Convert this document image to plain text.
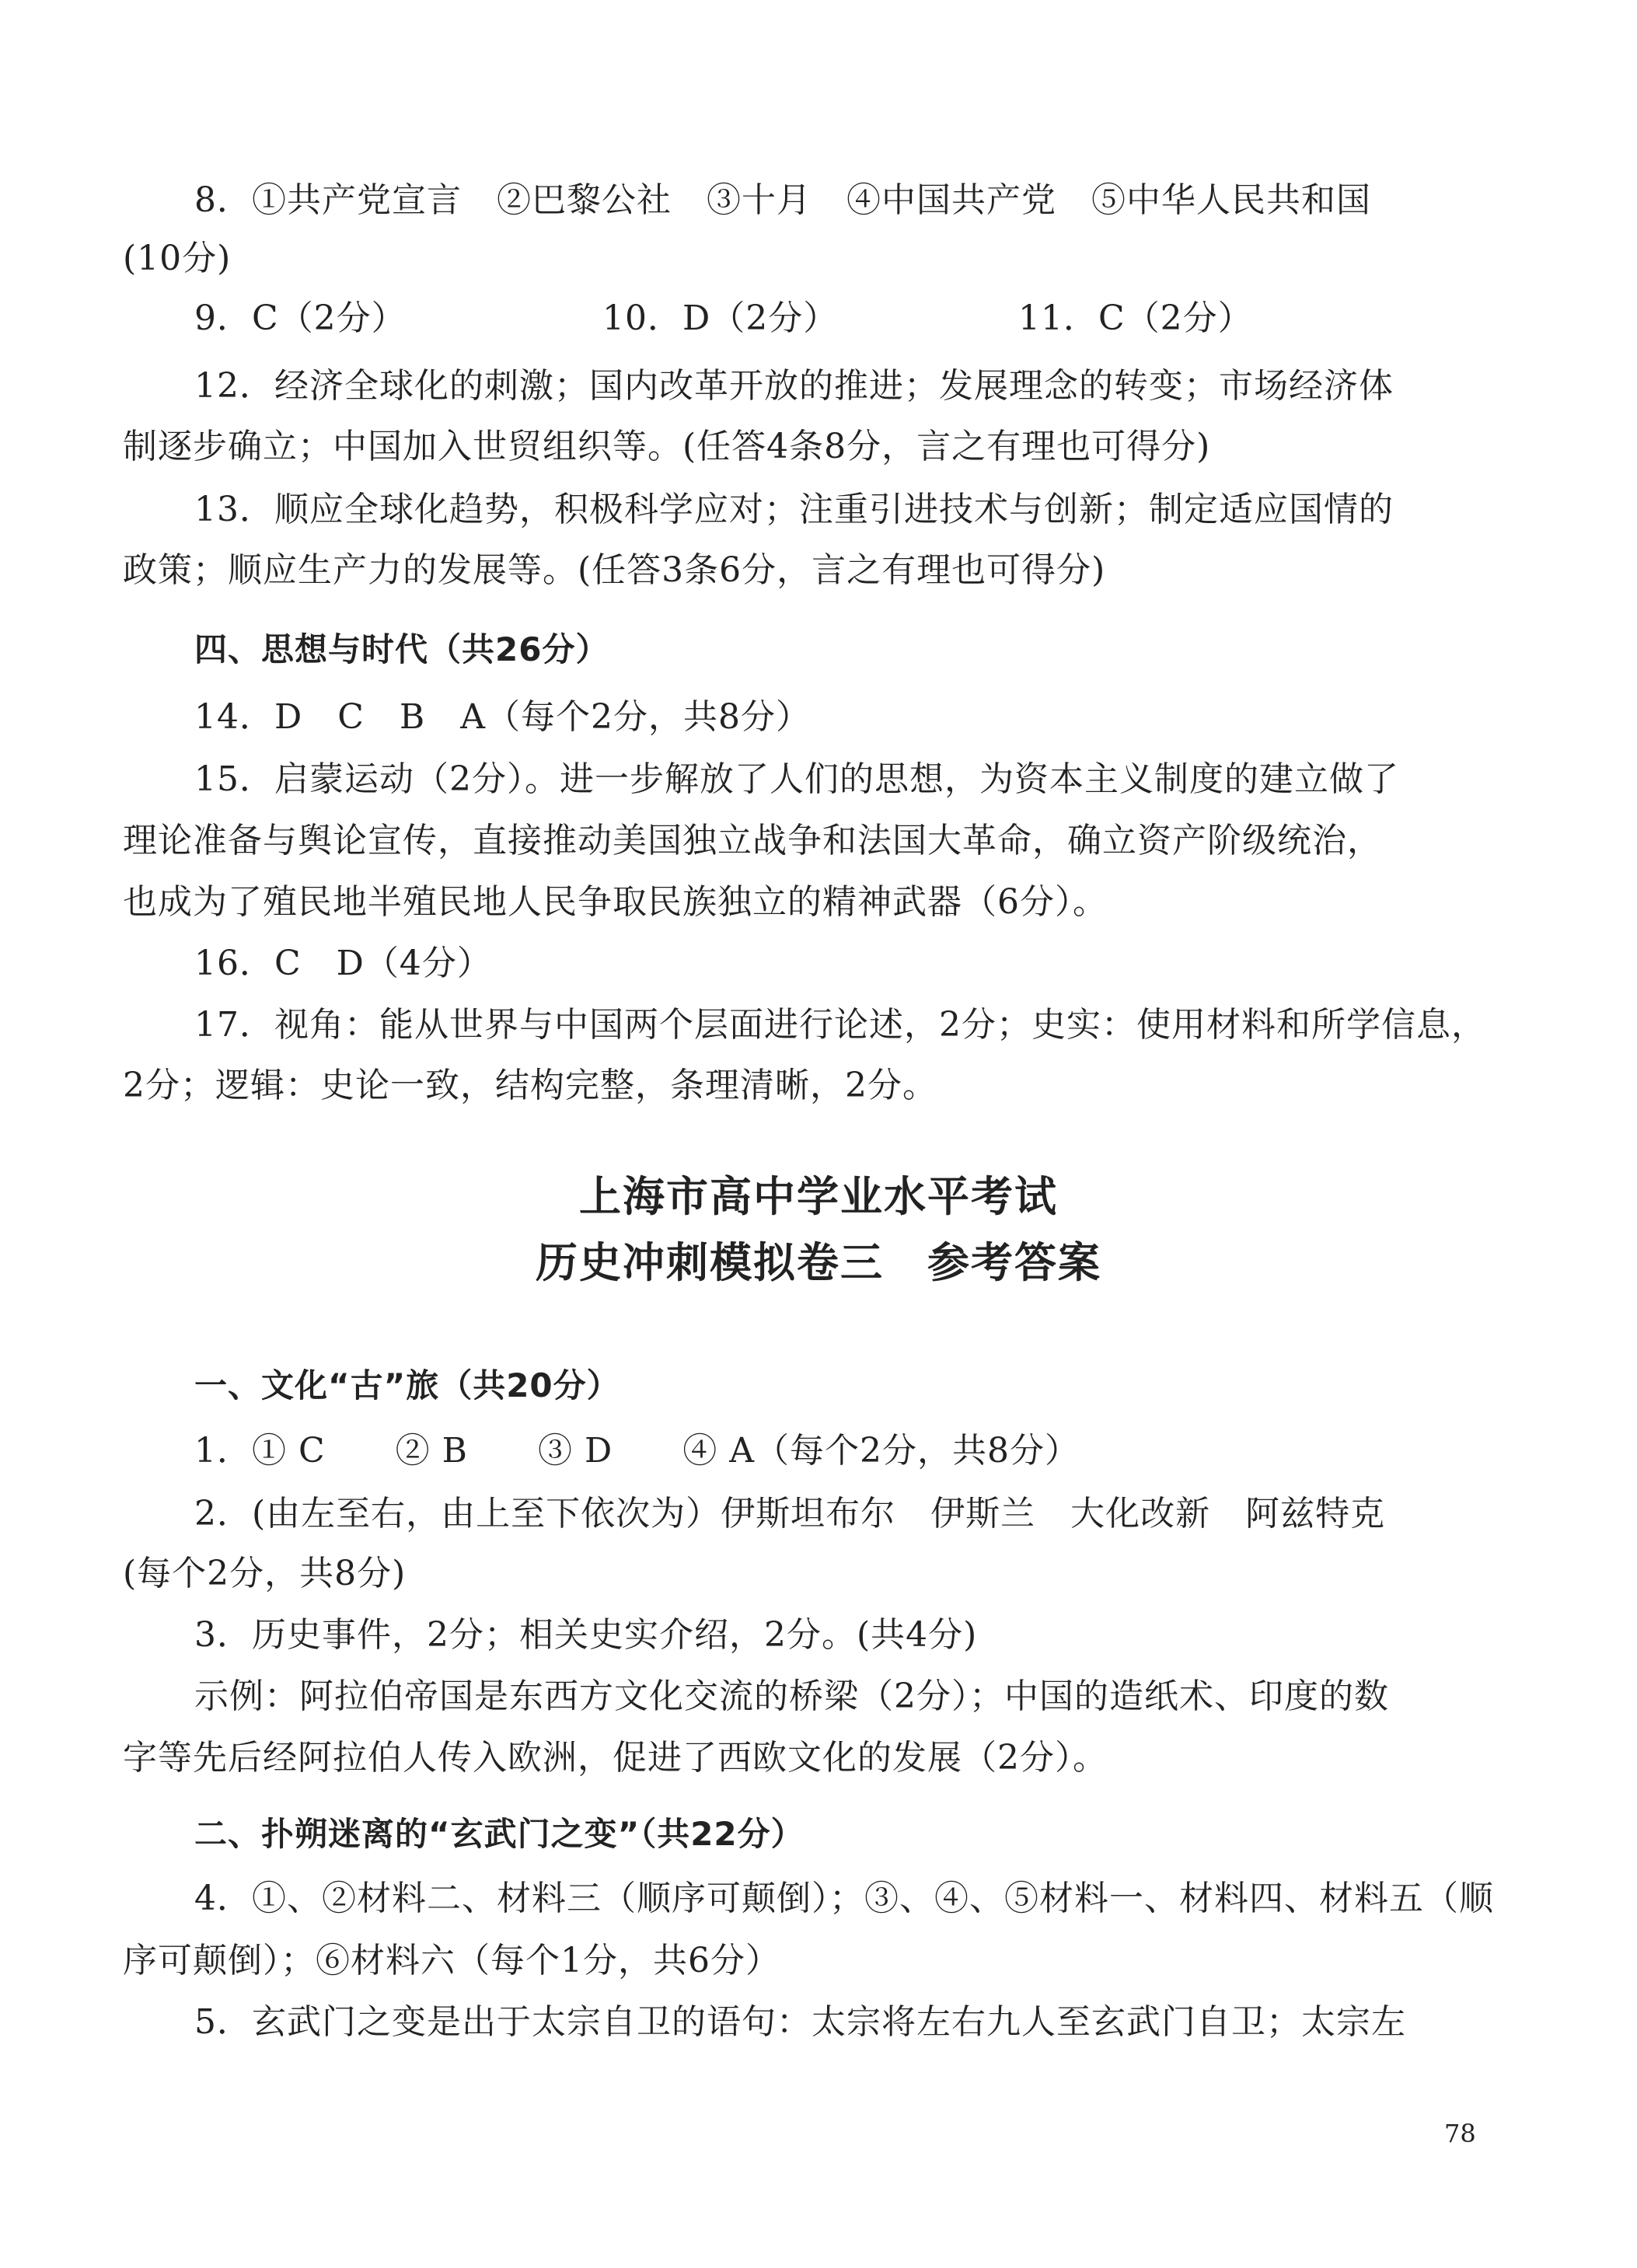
8．①共产党宣言　②巴黎公社　③十月　④中国共产党　⑤中华人民共和国
(10分)
9．C（2分）	10．D（2分）	11．C（2分）
12．经济全球化的刺激；国内改革开放的推进；发展理念的转变；市场经济体
制逐步确立；中国加入世贸组织等。(任答4条8分，言之有理也可得分)
13．顺应全球化趋势，积极科学应对；注重引进技术与创新；制定适应国情的
政策；顺应生产力的发展等。(任答3条6分，言之有理也可得分)
四、思想与时代（共26分）
14．D　C　B　A（每个2分，共8分）
15．启蒙运动（2分）。进一步解放了人们的思想，为资本主义制度的建立做了
理论准备与舆论宣传，直接推动美国独立战争和法国大革命，确立资产阶级统治，
也成为了殖民地半殖民地人民争取民族独立的精神武器（6分）。
16．C　D（4分）
17．视角：能从世界与中国两个层面进行论述，2分；史实：使用材料和所学信息，
2分；逻辑：史论一致，结构完整，条理清晰，2分。
上海市高中学业水平考试
历史冲刺模拟卷三　参考答案
一、文化“古”旅（共20分）
1．① C　　② B　　③ D　　④ A（每个2分，共8分）
2．(由左至右，由上至下依次为）伊斯坦布尔　伊斯兰　大化改新　阿兹特克
(每个2分，共8分)
3．历史事件，2分；相关史实介绍，2分。(共4分)
示例：阿拉伯帝国是东西方文化交流的桥梁（2分）；中国的造纸术、印度的数
字等先后经阿拉伯人传入欧洲，促进了西欧文化的发展（2分）。
二、扑朔迷离的“玄武门之变”（共22分）
4．①、②材料二、材料三（顺序可颠倒）；③、④、⑤材料一、材料四、材料五（顺
序可颠倒）；⑥材料六（每个1分，共6分）
5．玄武门之变是出于太宗自卫的语句：太宗将左右九人至玄武门自卫；太宗左
78
